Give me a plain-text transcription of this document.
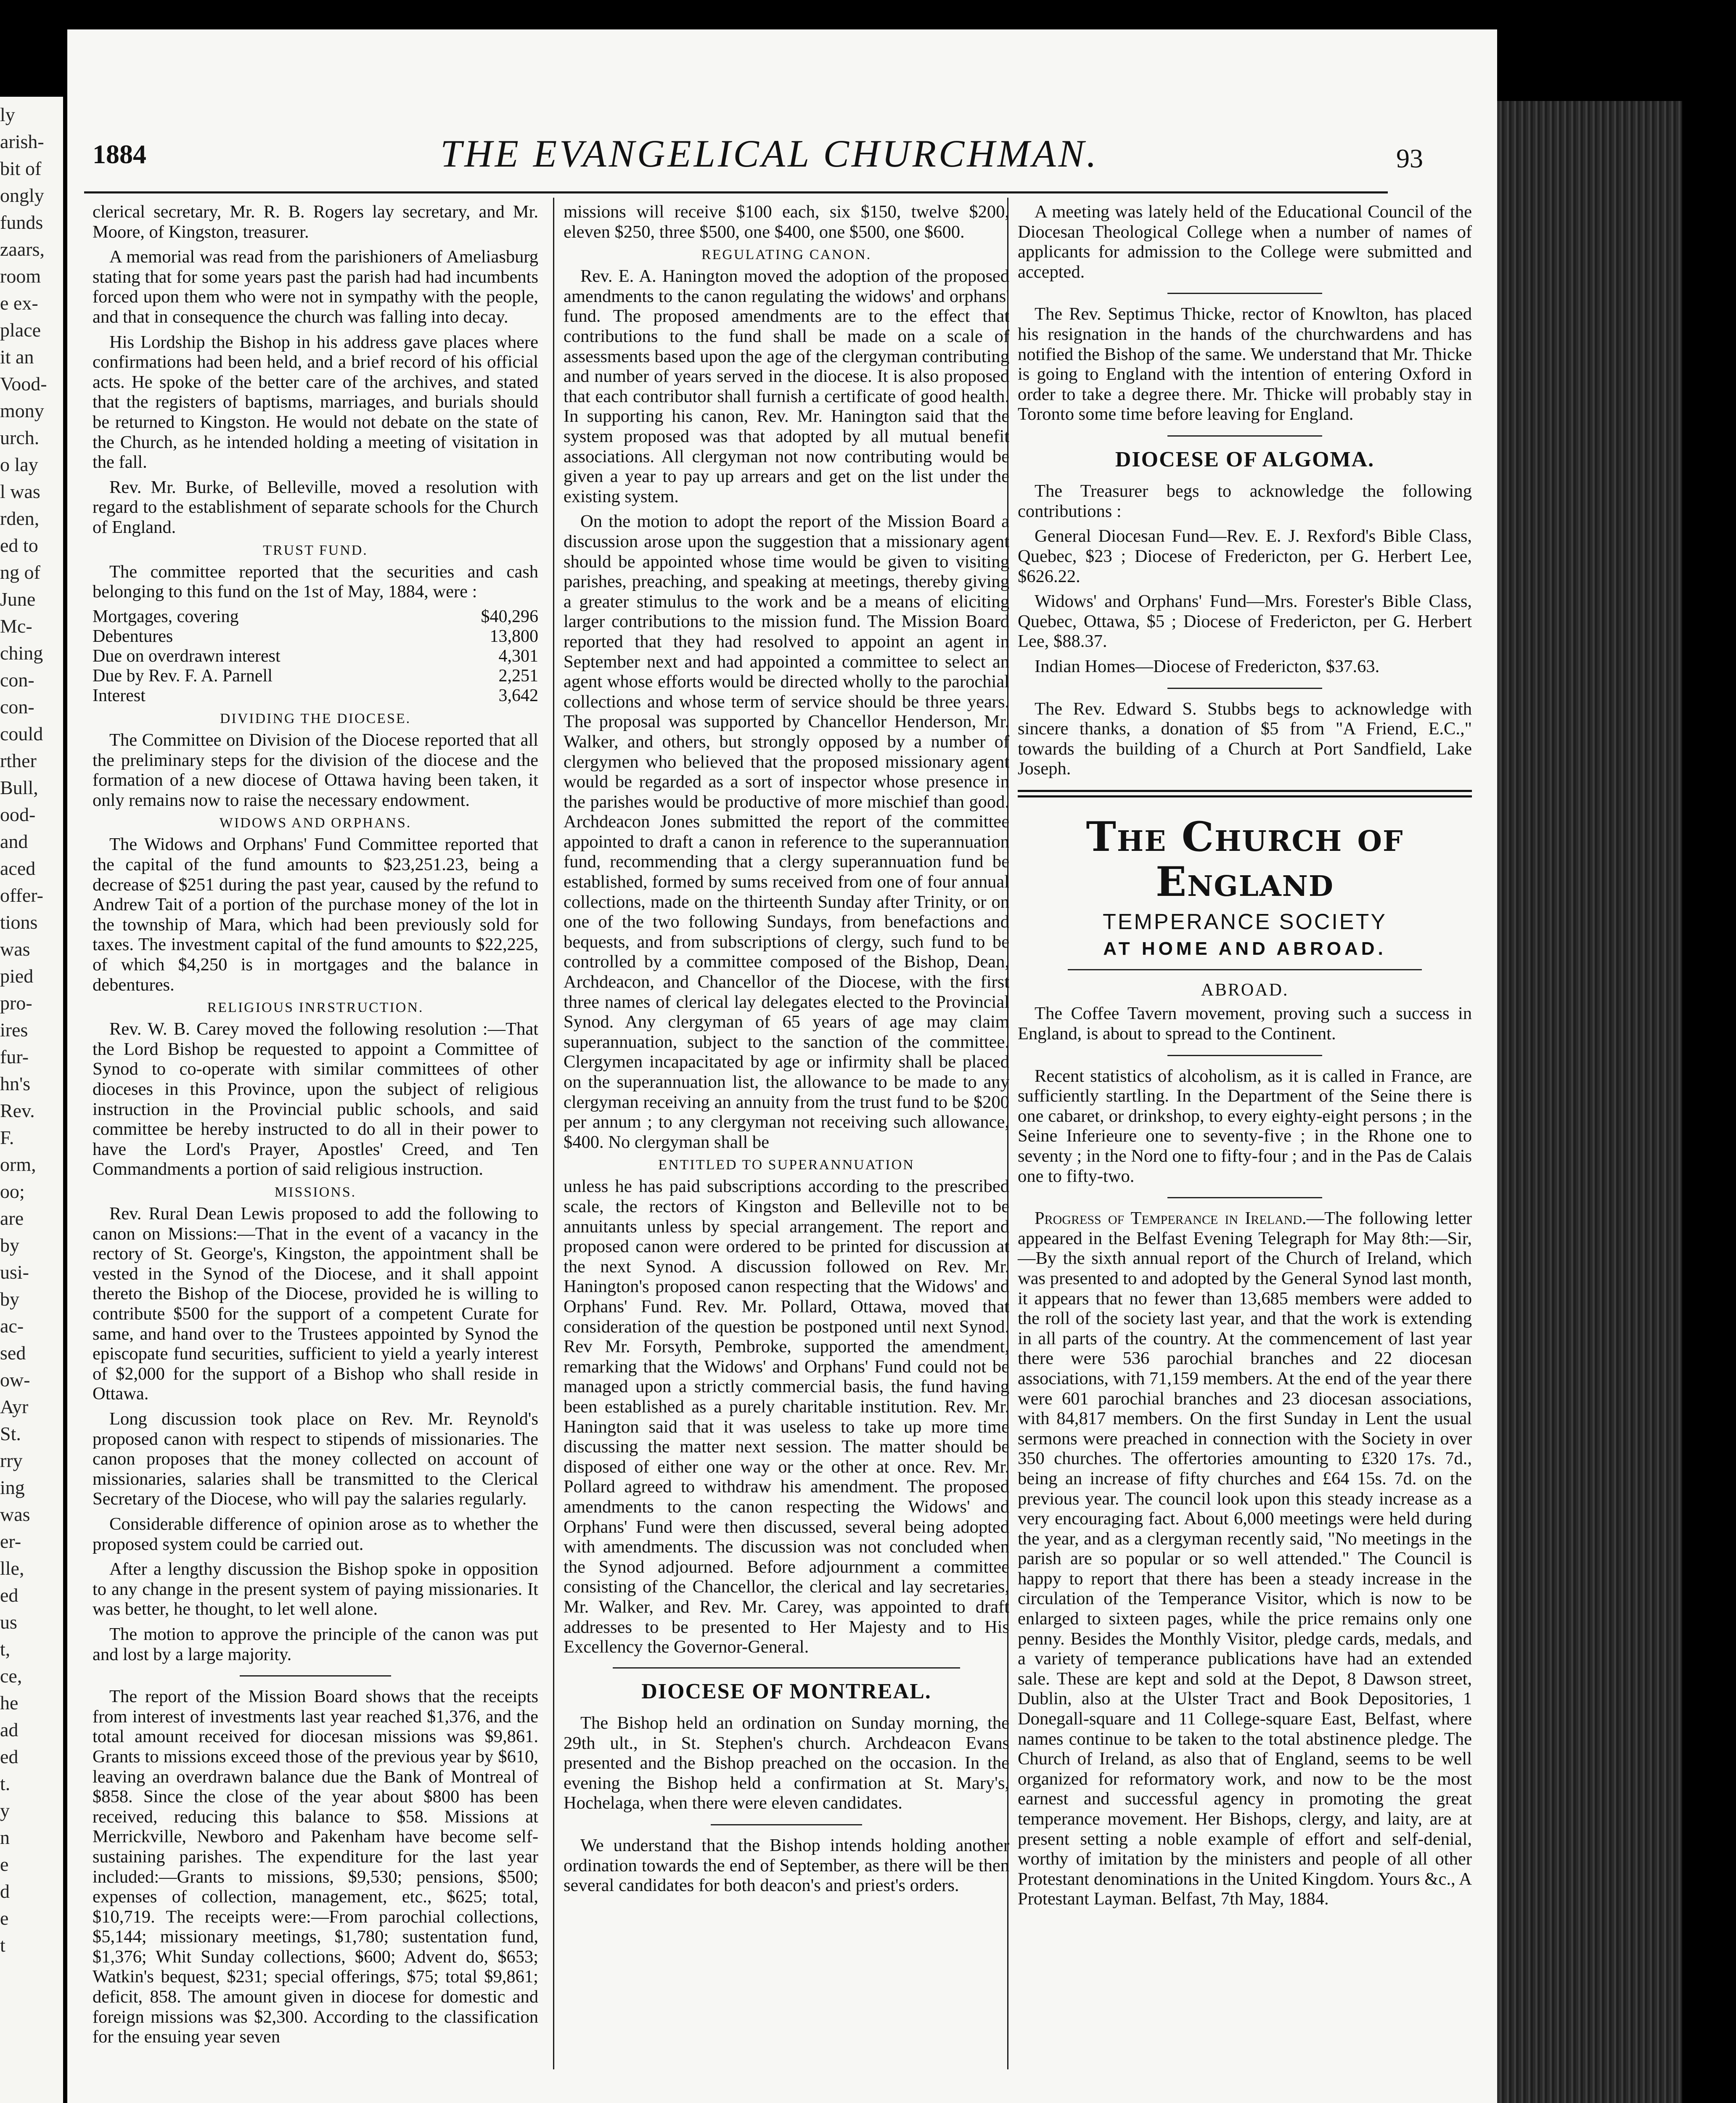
ly
arish-
bit of
ongly
funds
zaars,
room
e ex-
place
it an
Vood-
mony
urch.
o lay
l was
rden,
ed to
ng of
June
Mc-
ching
con-
con-
could
rther
Bull,
ood-
and
aced
offer-
tions
was
pied
pro-
ires
fur-
hn's
Rev.
F.
orm,
oo;
are
by
usi-
by
ac-
sed
ow-
Ayr
St.
rry
ing
was
er-
lle,
ed
us
t,
ce,
he
ad
ed
t.
y
n
e
d
e
t
1884	THE EVANGELICAL CHURCHMAN.	93

clerical secretary, Mr. R. B. Rogers lay secretary, and Mr. Moore, of Kingston, treasurer.

A memorial was read from the parishioners of Ameliasburg stating that for some years past the parish had had incumbents forced upon them who were not in sympathy with the people, and that in consequence the church was falling into decay.

His Lordship the Bishop in his address gave places where confirmations had been held, and a brief record of his official acts. He spoke of the better care of the archives, and stated that the registers of baptisms, marriages, and burials should be returned to Kingston. He would not debate on the state of the Church, as he intended holding a meeting of visitation in the fall.

Rev. Mr. Burke, of Belleville, moved a resolution with regard to the establishment of separate schools for the Church of England.

TRUST FUND.

The committee reported that the securities and cash belonging to this fund on the 1st of May, 1884, were :

Mortgages, covering	$40,296
Debentures	13,800
Due on overdrawn interest	4,301
Due by Rev. F. A. Parnell	2,251
Interest	3,642
DIVIDING THE DIOCESE.

The Committee on Division of the Diocese reported that all the preliminary steps for the division of the diocese and the formation of a new diocese of Ottawa having been taken, it only remains now to raise the necessary endowment.

WIDOWS AND ORPHANS.

The Widows and Orphans' Fund Committee reported that the capital of the fund amounts to $23,251.23, being a decrease of $251 during the past year, caused by the refund to Andrew Tait of a portion of the purchase money of the lot in the township of Mara, which had been previously sold for taxes. The investment capital of the fund amounts to $22,225, of which $4,250 is in mortgages and the balance in debentures.

RELIGIOUS INRSTRUCTION.

Rev. W. B. Carey moved the following resolution :—That the Lord Bishop be requested to appoint a Committee of Synod to co-operate with similar committees of other dioceses in this Province, upon the subject of religious instruction in the Provincial public schools, and said committee be hereby instructed to do all in their power to have the Lord's Prayer, Apostles' Creed, and Ten Commandments a portion of said religious instruction.

MISSIONS.

Rev. Rural Dean Lewis proposed to add the following to canon on Missions:—That in the event of a vacancy in the rectory of St. George's, Kingston, the appointment shall be vested in the Synod of the Diocese, and it shall appoint thereto the Bishop of the Diocese, provided he is willing to contribute $500 for the support of a competent Curate for same, and hand over to the Trustees appointed by Synod the episcopate fund securities, sufficient to yield a yearly interest of $2,000 for the support of a Bishop who shall reside in Ottawa.

Long discussion took place on Rev. Mr. Reynold's proposed canon with respect to stipends of missionaries. The canon proposes that the money collected on account of missionaries, salaries shall be transmitted to the Clerical Secretary of the Diocese, who will pay the salaries regularly.

Considerable difference of opinion arose as to whether the proposed system could be carried out.

After a lengthy discussion the Bishop spoke in opposition to any change in the present system of paying missionaries. It was better, he thought, to let well alone.

The motion to approve the principle of the canon was put and lost by a large majority.

The report of the Mission Board shows that the receipts from interest of investments last year reached $1,376, and the total amount received for diocesan missions was $9,861. Grants to missions exceed those of the previous year by $610, leaving an overdrawn balance due the Bank of Montreal of $858. Since the close of the year about $800 has been received, reducing this balance to $58. Missions at Merrickville, Newboro and Pakenham have become self-sustaining parishes. The expenditure for the last year included:—Grants to missions, $9,530; pensions, $500; expenses of collection, management, etc., $625; total, $10,719. The receipts were:—From parochial collections, $5,144; missionary meetings, $1,780; sustentation fund, $1,376; Whit Sunday collections, $600; Advent do, $653; Watkin's bequest, $231; special offerings, $75; total $9,861; deficit, 858. The amount given in diocese for domestic and foreign missions was $2,300. According to the classification for the ensuing year seven

missions will receive $100 each, six $150, twelve $200, eleven $250, three $500, one $400, one $500, one $600.

REGULATING CANON.

Rev. E. A. Hanington moved the adoption of the proposed amendments to the canon regulating the widows' and orphans' fund. The proposed amendments are to the effect that contributions to the fund shall be made on a scale of assessments based upon the age of the clergyman contributing and number of years served in the diocese. It is also proposed that each contributor shall furnish a certificate of good health. In supporting his canon, Rev. Mr. Hanington said that the system proposed was that adopted by all mutual benefit associations. All clergyman not now contributing would be given a year to pay up arrears and get on the list under the existing system.

On the motion to adopt the report of the Mission Board a discussion arose upon the suggestion that a missionary agent should be appointed whose time would be given to visiting parishes, preaching, and speaking at meetings, thereby giving a greater stimulus to the work and be a means of eliciting larger contributions to the mission fund. The Mission Board reported that they had resolved to appoint an agent in September next and had appointed a committee to select an agent whose efforts would be directed wholly to the parochial collections and whose term of service should be three years. The proposal was supported by Chancellor Henderson, Mr. Walker, and others, but strongly opposed by a number of clergymen who believed that the proposed missionary agent would be regarded as a sort of inspector whose presence in the parishes would be productive of more mischief than good. Archdeacon Jones submitted the report of the committee appointed to draft a canon in reference to the superannuation fund, recommending that a clergy superannuation fund be established, formed by sums received from one of four annual collections, made on the thirteenth Sunday after Trinity, or on one of the two following Sundays, from benefactions and bequests, and from subscriptions of clergy, such fund to be controlled by a committee composed of the Bishop, Dean, Archdeacon, and Chancellor of the Diocese, with the first three names of clerical lay delegates elected to the Provincial Synod. Any clergyman of 65 years of age may claim superannuation, subject to the sanction of the committee. Clergymen incapacitated by age or infirmity shall be placed on the superannuation list, the allowance to be made to any clergyman receiving an annuity from the trust fund to be $200 per annum ; to any clergyman not receiving such allowance, $400. No clergyman shall be

ENTITLED TO SUPERANNUATION

unless he has paid subscriptions according to the prescribed scale, the rectors of Kingston and Belleville not to be annuitants unless by special arrangement. The report and proposed canon were ordered to be printed for discussion at the next Synod. A discussion followed on Rev. Mr. Hanington's proposed canon respecting that the Widows' and Orphans' Fund. Rev. Mr. Pollard, Ottawa, moved that consideration of the question be postponed until next Synod. Rev Mr. Forsyth, Pembroke, supported the amendment, remarking that the Widows' and Orphans' Fund could not be managed upon a strictly commercial basis, the fund having been established as a purely charitable institution. Rev. Mr. Hanington said that it was useless to take up more time discussing the matter next session. The matter should be disposed of either one way or the other at once. Rev. Mr. Pollard agreed to withdraw his amendment. The proposed amendments to the canon respecting the Widows' and Orphans' Fund were then discussed, several being adopted with amendments. The discussion was not concluded when the Synod adjourned. Before adjournment a committee consisting of the Chancellor, the clerical and lay secretaries, Mr. Walker, and Rev. Mr. Carey, was appointed to draft addresses to be presented to Her Majesty and to His Excellency the Governor-General.

DIOCESE OF MONTREAL.

The Bishop held an ordination on Sunday morning, the 29th ult., in St. Stephen's church. Archdeacon Evans presented and the Bishop preached on the occasion. In the evening the Bishop held a confirmation at St. Mary's, Hochelaga, when there were eleven candidates.

We understand that the Bishop intends holding another ordination towards the end of September, as there will be then several candidates for both deacon's and priest's orders.

A meeting was lately held of the Educational Council of the Diocesan Theological College when a number of names of applicants for admission to the College were submitted and accepted.

The Rev. Septimus Thicke, rector of Knowlton, has placed his resignation in the hands of the churchwardens and has notified the Bishop of the same. We understand that Mr. Thicke is going to England with the intention of entering Oxford in order to take a degree there. Mr. Thicke will probably stay in Toronto some time before leaving for England.

DIOCESE OF ALGOMA.

The Treasurer begs to acknowledge the following contributions :

General Diocesan Fund—Rev. E. J. Rexford's Bible Class, Quebec, $23 ; Diocese of Fredericton, per G. Herbert Lee, $626.22.

Widows' and Orphans' Fund—Mrs. Forester's Bible Class, Quebec, Ottawa, $5 ; Diocese of Fredericton, per G. Herbert Lee, $88.37.

Indian Homes—Diocese of Fredericton, $37.63.

The Rev. Edward S. Stubbs begs to acknowledge with sincere thanks, a donation of $5 from "A Friend, E.C.," towards the building of a Church at Port Sandfield, Lake Joseph.

The Church of England
TEMPERANCE SOCIETY
AT HOME AND ABROAD.
ABROAD.

The Coffee Tavern movement, proving such a success in England, is about to spread to the Continent.

Recent statistics of alcoholism, as it is called in France, are sufficiently startling. In the Department of the Seine there is one cabaret, or drinkshop, to every eighty-eight persons ; in the Seine Inferieure one to seventy-five ; in the Rhone one to seventy ; in the Nord one to fifty-four ; and in the Pas de Calais one to fifty-two.

Progress of Temperance in Ireland.—The following letter appeared in the Belfast Evening Telegraph for May 8th:—Sir,—By the sixth annual report of the Church of Ireland, which was presented to and adopted by the General Synod last month, it appears that no fewer than 13,685 members were added to the roll of the society last year, and that the work is extending in all parts of the country. At the commencement of last year there were 536 parochial branches and 22 diocesan associations, with 71,159 members. At the end of the year there were 601 parochial branches and 23 diocesan associations, with 84,817 members. On the first Sunday in Lent the usual sermons were preached in connection with the Society in over 350 churches. The offertories amounting to £320 17s. 7d., being an increase of fifty churches and £64 15s. 7d. on the previous year. The council look upon this steady increase as a very encouraging fact. About 6,000 meetings were held during the year, and as a clergyman recently said, "No meetings in the parish are so popular or so well attended." The Council is happy to report that there has been a steady increase in the circulation of the Temperance Visitor, which is now to be enlarged to sixteen pages, while the price remains only one penny. Besides the Monthly Visitor, pledge cards, medals, and a variety of temperance publications have had an extended sale. These are kept and sold at the Depot, 8 Dawson street, Dublin, also at the Ulster Tract and Book Depositories, 1 Donegall-square and 11 College-square East, Belfast, where names continue to be taken to the total abstinence pledge. The Church of Ireland, as also that of England, seems to be well organized for reformatory work, and now to be the most earnest and successful agency in promoting the great temperance movement. Her Bishops, clergy, and laity, are at present setting a noble example of effort and self-denial, worthy of imitation by the ministers and people of all other Protestant denominations in the United Kingdom. Yours &c., A Protestant Layman. Belfast, 7th May, 1884.
